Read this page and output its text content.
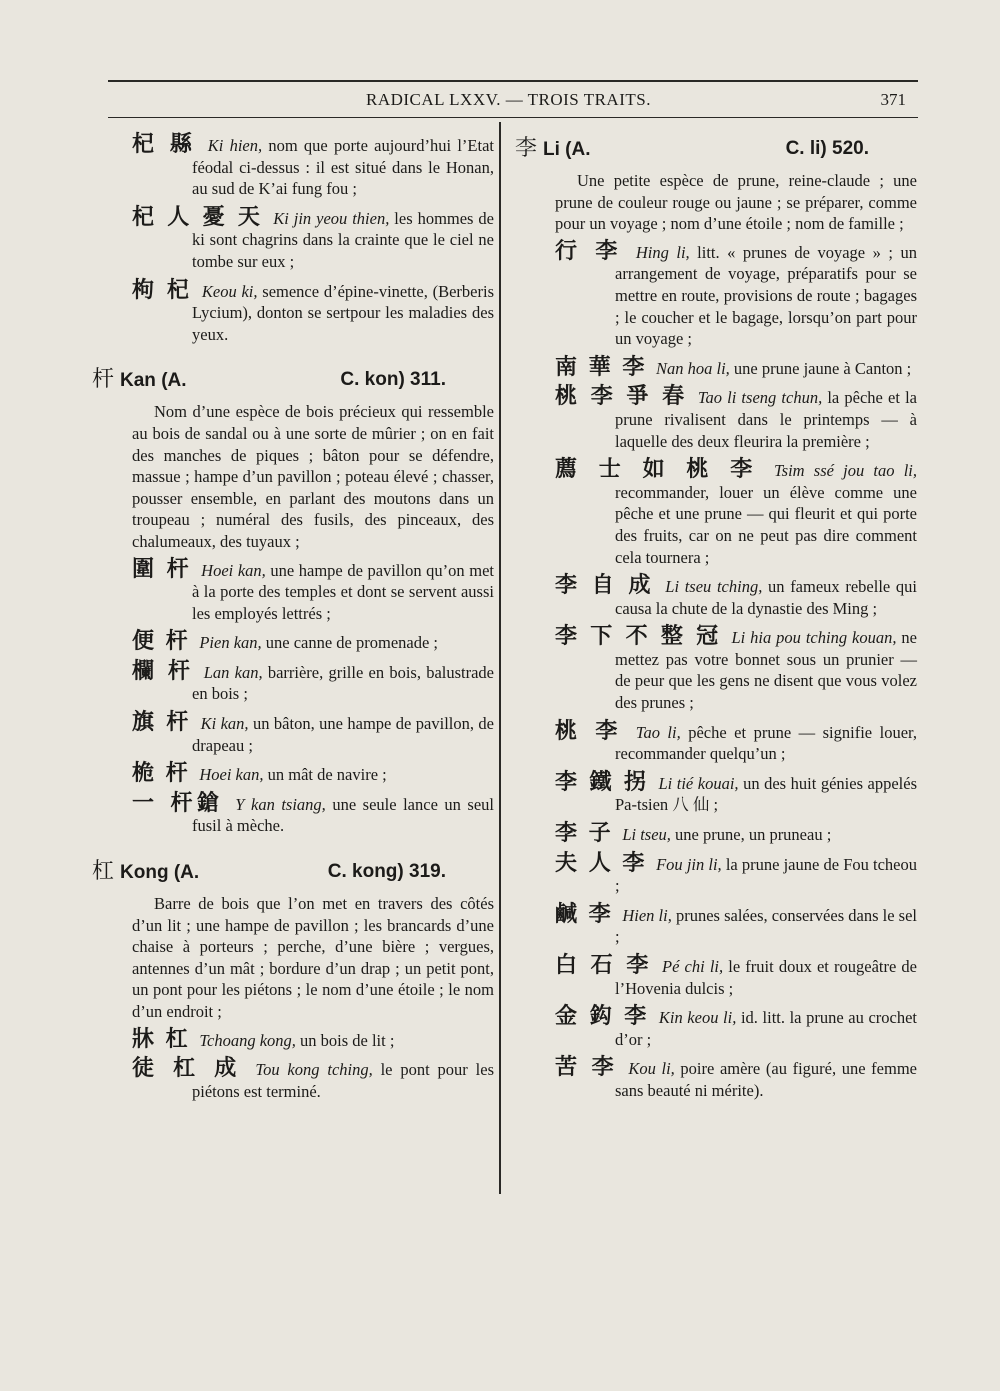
RADICAL LXXV. — TROIS TRAITS.	371

杞 縣 Ki hien, nom que porte aujourd’hui l’Etat féodal ci-dessus : il est situé dans le Honan, au sud de K’ai fung fou ;

杞 人 憂 天 Ki jin yeou thien, les hommes de ki sont chagrins dans la crainte que le ciel ne tombe sur eux ;

枸 杞 Keou ki, semence d’épine-vinette, (Berberis Lycium), donton se sertpour les maladies des yeux.

杆 Kan (A.	C. kon) 311.

Nom d’une espèce de bois précieux qui ressemble au bois de sandal ou à une sorte de mûrier ; on en fait des manches de piques ; bâton pour se défendre, massue ; hampe d’un pavillon ; poteau élevé ; chasser, pousser ensemble, en parlant des moutons dans un troupeau ; numéral des fusils, des pinceaux, des chalumeaux, des tuyaux ;

圍 杆 Hoei kan, une hampe de pavillon qu’on met à la porte des temples et dont se servent aussi les employés lettrés ;

便 杆 Pien kan, une canne de promenade ;

欄 杆 Lan kan, barrière, grille en bois, balustrade en bois ;

旗 杆 Ki kan, un bâton, une hampe de pavillon, de drapeau ;

桅 杆 Hoei kan, un mât de navire ;

一 杆鎗 Y kan tsiang, une seule lance un seul fusil à mèche.

杠 Kong (A.	C. kong) 319.

Barre de bois que l’on met en travers des côtés d’un lit ; une hampe de pavillon ; les brancards d’une chaise à porteurs ; perche, d’une bière ; vergues, antennes d’un mât ; bordure d’un drap ; un petit pont, un pont pour les piétons ; le nom d’une étoile ; le nom d’un endroit ;

牀 杠 Tchoang kong, un bois de lit ;

徒 杠 成 Tou kong tching, le pont pour les piétons est terminé.

李 Li (A.	C. li) 520.

Une petite espèce de prune, reine-claude ; une prune de couleur rouge ou jaune ; se préparer, comme pour un voyage ; nom d’une étoile ; nom de famille ;

行 李 Hing li, litt. « prunes de voyage » ; un arrangement de voyage, préparatifs pour se mettre en route, provisions de route ; bagages ; le coucher et le bagage, lorsqu’on part pour un voyage ;

南 華 李 Nan hoa li, une prune jaune à Canton ;

桃 李 爭 春 Tao li tseng tchun, la pêche et la prune rivalisent dans le printemps — à laquelle des deux fleurira la première ;

薦 士 如 桃 李 Tsim ssé jou tao li, recommander, louer un élève comme une pêche et une prune — qui fleurit et qui porte des fruits, car on ne peut pas dire comment cela tournera ;

李 自 成 Li tseu tching, un fameux rebelle qui causa la chute de la dynastie des Ming ;

李 下 不 整 冠 Li hia pou tching kouan, ne mettez pas votre bonnet sous un prunier — de peur que les gens ne disent que vous volez des prunes ;

桃 李 Tao li, pêche et prune — signifie louer, recommander quelqu’un ;

李 鐵 拐 Li tié kouai, un des huit génies appelés Pa-tsien 八 仙 ;

李 子 Li tseu, une prune, un pruneau ;

夫 人 李 Fou jin li, la prune jaune de Fou tcheou ;

鹹 李 Hien li, prunes salées, conservées dans le sel ;

白 石 李 Pé chi li, le fruit doux et rougeâtre de l’Hovenia dulcis ;

金 鈎 李 Kin keou li, id. litt. la prune au crochet d’or ;

苦 李 Kou li, poire amère (au figuré, une femme sans beauté ni mérite).
